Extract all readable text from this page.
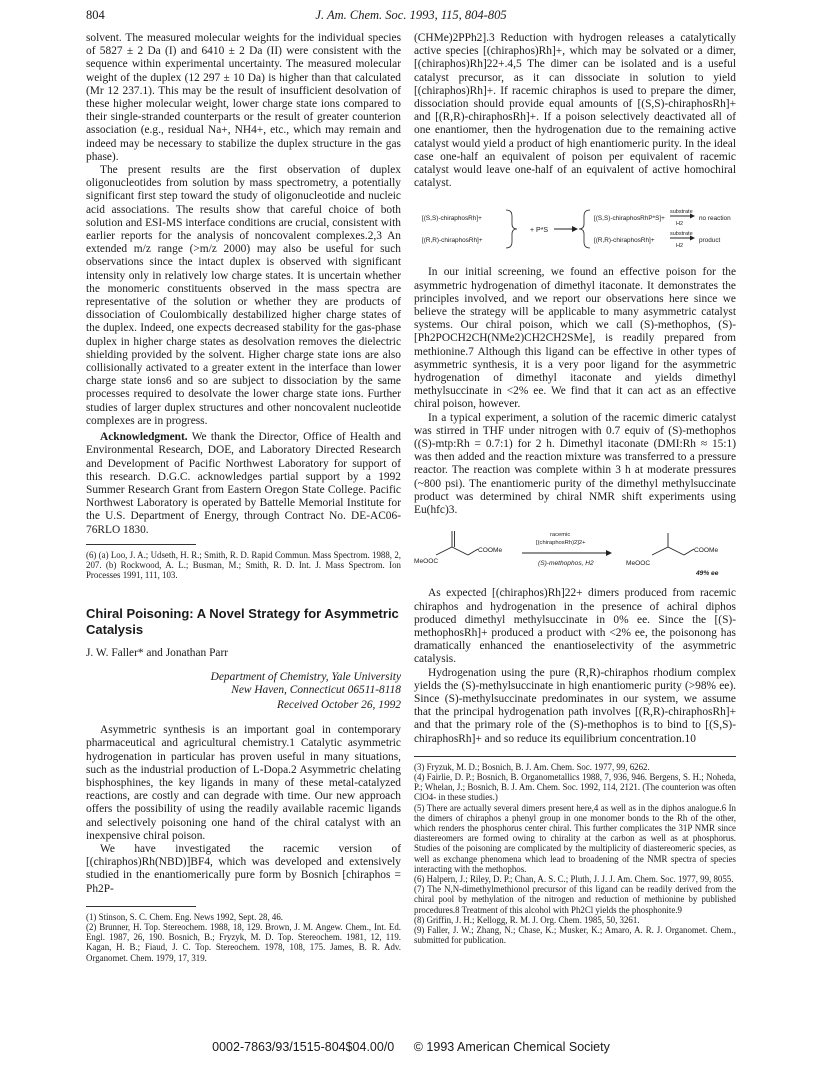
804	J. Am. Chem. Soc. 1993, 115, 804-805

solvent. The measured molecular weights for the individual species of 5827 ± 2 Da (I) and 6410 ± 2 Da (II) were consistent with the sequence within experimental uncertainty. The measured molecular weight of the duplex (12 297 ± 10 Da) is higher than that calculated (Mr 12 237.1). This may be the result of insufficient desolvation of these higher molecular weight, lower charge state ions compared to their single-stranded counterparts or the result of greater counterion association (e.g., residual Na+, NH4+, etc., which may remain and indeed may be necessary to stabilize the duplex structure in the gas phase).

The present results are the first observation of duplex oligonucleotides from solution by mass spectrometry, a potentially significant first step toward the study of oligonucleotide and nucleic acid associations. The results show that careful choice of both solution and ESI-MS interface conditions are crucial, consistent with earlier reports for the analysis of noncovalent complexes.2,3 An extended m/z range (>m/z 2000) may also be useful for such observations since the intact duplex is observed with significant intensity only in relatively low charge states. It is uncertain whether the monomeric constituents observed in the mass spectra are representative of the solution or whether they are products of dissociation of Coulombically destabilized higher charge states of the duplex. Indeed, one expects decreased stability for the gas-phase duplex in higher charge states as desolvation removes the dielectric shielding provided by the solvent. Higher charge state ions are also collisionally activated to a greater extent in the interface than lower charge state ions6 and so are subject to dissociation by the same processes required to desolvate the lower charge state ions. Further studies of larger duplex structures and other noncovalent nucleotide complexes are in progress.

Acknowledgment. We thank the Director, Office of Health and Environmental Research, DOE, and Laboratory Directed Research and Development of Pacific Northwest Laboratory for support of this research. D.G.C. acknowledges partial support by a 1992 Summer Research Grant from Eastern Oregon State College. Pacific Northwest Laboratory is operated by Battelle Memorial Institute for the U.S. Department of Energy, through Contract No. DE-AC06-76RLO 1830.

(6) (a) Loo, J. A.; Udseth, H. R.; Smith, R. D. Rapid Commun. Mass Spectrom. 1988, 2, 207. (b) Rockwood, A. L.; Busman, M.; Smith, R. D. Int. J. Mass Spectrom. Ion Processes 1991, 111, 103.

Chiral Poisoning: A Novel Strategy for Asymmetric Catalysis

J. W. Faller* and Jonathan Parr

Department of Chemistry, Yale University

New Haven, Connecticut 06511-8118

Received October 26, 1992

Asymmetric synthesis is an important goal in contemporary pharmaceutical and agricultural chemistry.1 Catalytic asymmetric hydrogenation in particular has proven useful in many situations, such as the industrial production of L-Dopa.2 Asymmetric chelating bisphosphines, the key ligands in many of these metal-catalyzed reactions, are costly and can degrade with time. Our new approach offers the possibility of using the readily available racemic ligands and selectively poisoning one hand of the chiral catalyst with an inexpensive chiral poison.

We have investigated the racemic version of [(chiraphos)Rh(NBD)]BF4, which was developed and extensively studied in the enantiomerically pure form by Bosnich [chiraphos = Ph2P-

(1) Stinson, S. C. Chem. Eng. News 1992, Sept. 28, 46.

(2) Brunner, H. Top. Stereochem. 1988, 18, 129. Brown, J. M. Angew. Chem., Int. Ed. Engl. 1987, 26, 190. Bosnich, B.; Fryzyk, M. D. Top. Stereochem. 1981, 12, 119. Kagan, H. B.; Fiaud, J. C. Top. Stereochem. 1978, 108, 175. James, B. R. Adv. Organomet. Chem. 1979, 17, 319.

(CHMe)2PPh2].3 Reduction with hydrogen releases a catalytically active species [(chiraphos)Rh]+, which may be solvated or a dimer, [(chiraphos)Rh]22+.4,5 The dimer can be isolated and is a useful catalyst precursor, as it can dissociate in solution to yield [(chiraphos)Rh]+. If racemic chiraphos is used to prepare the dimer, dissociation should provide equal amounts of [(S,S)-chiraphosRh]+ and [(R,R)-chiraphosRh]+. If a poison selectively deactivated all of one enantiomer, then the hydrogenation due to the remaining active catalyst would yield a product of high enantiomeric purity. In the ideal case one-half an equivalent of poison per equivalent of racemic catalyst would leave one-half of an equivalent of active homochiral catalyst.

[(S,S)-chiraphosRh]+
[(R,R)-chiraphosRh]+
+ P*S
[(S,S)-chiraphosRhP*S]+
[(R,R)-chiraphosRh]+
substrate
H2
substrate
H2
no reaction
product

In our initial screening, we found an effective poison for the asymmetric hydrogenation of dimethyl itaconate. It demonstrates the principles involved, and we report our observations here since we believe the strategy will be applicable to many asymmetric catalyst systems. Our chiral poison, which we call (S)-methophos, (S)-[Ph2POCH2CH(NMe2)CH2CH2SMe], is readily prepared from methionine.7 Although this ligand can be effective in other types of asymmetric synthesis, it is a very poor ligand for the asymmetric hydrogenation of dimethyl itaconate and yields dimethyl methylsuccinate in <2% ee. We find that it can act as an effective chiral poison, however.

In a typical experiment, a solution of the racemic dimeric catalyst was stirred in THF under nitrogen with 0.7 equiv of (S)-methophos ((S)-mtp:Rh = 0.7:1) for 2 h. Dimethyl itaconate (DMI:Rh ≈ 15:1) was then added and the reaction mixture was transferred to a pressure reactor. The reaction was complete within 3 h at moderate pressures (~800 psi). The enantiomeric purity of the dimethyl methylsuccinate product was determined by chiral NMR shift experiments using Eu(hfc)3.

MeOOC
COOMe
racemic
[(chiraphosRh)2]2+
(S)-methophos, H2	MeOOC
COOMe
49% ee

As expected [(chiraphos)Rh]22+ dimers produced from racemic chiraphos and hydrogenation in the presence of achiral diphos produced dimethyl methylsuccinate in 0% ee. Since the [(S)-methophosRh]+ produced a product with <2% ee, the poisonong has dramatically enhanced the enantioselectivity of the asymmetric catalysis.

Hydrogenation using the pure (R,R)-chiraphos rhodium complex yields the (S)-methylsuccinate in high enantiomeric purity (>98% ee). Since (S)-methylsuccinate predominates in our system, we assume that the principal hydrogenation path involves [(R,R)-chiraphosRh]+ and that the primary role of the (S)-methophos is to bind to [(S,S)-chiraphosRh]+ and so reduce its equilibrium concentration.10

(3) Fryzuk, M. D.; Bosnich, B. J. Am. Chem. Soc. 1977, 99, 6262.

(4) Fairlie, D. P.; Bosnich, B. Organometallics 1988, 7, 936, 946. Bergens, S. H.; Noheda, P.; Whelan, J.; Bosnich, B. J. Am. Chem. Soc. 1992, 114, 2121. (The counterion was often ClO4- in these studies.)

(5) There are actually several dimers present here,4 as well as in the diphos analogue.6 In the dimers of chiraphos a phenyl group in one monomer bonds to the Rh of the other, which renders the phosphorus center chiral. This further complicates the 31P NMR since diastereomers are formed owing to chirality at the carbon as well as at phosphorus. Studies of the poisoning are complicated by the multiplicity of diastereomeric species, as well as exchange phenomena which lead to broadening of the NMR spectra of species interacting with the methophos.

(6) Halpern, J.; Riley, D. P.; Chan, A. S. C.; Pluth, J. J. J. Am. Chem. Soc. 1977, 99, 8055.

(7) The N,N-dimethylmethionol precursor of this ligand can be readily derived from the chiral pool by methylation of the nitrogen and reduction of methionine by published procedures.8 Treatment of this alcohol with Ph2Cl yields the phosphonite.9

(8) Griffin, J. H.; Kellogg, R. M. J. Org. Chem. 1985, 50, 3261.

(9) Faller, J. W.; Zhang, N.; Chase, K.; Musker, K.; Amaro, A. R. J. Organomet. Chem., submitted for publication.

0002-7863/93/1515-804$04.00/0 © 1993 American Chemical Society
